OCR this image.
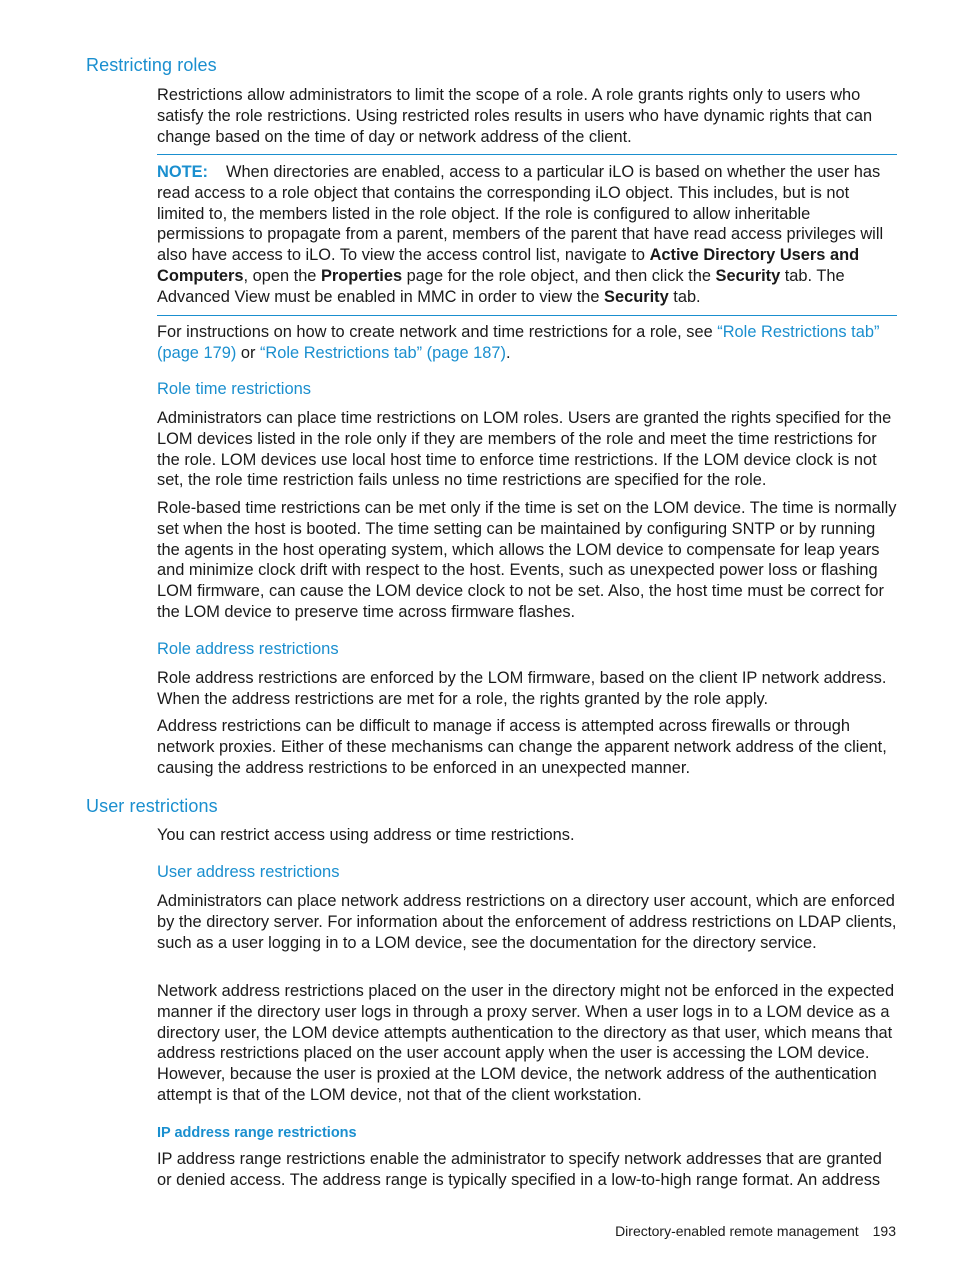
Restricting roles
Restrictions allow administrators to limit the scope of a role. A role grants rights only to users who satisfy the role restrictions. Using restricted roles results in users who have dynamic rights that can change based on the time of day or network address of the client.
NOTE: When directories are enabled, access to a particular iLO is based on whether the user has read access to a role object that contains the corresponding iLO object. This includes, but is not limited to, the members listed in the role object. If the role is configured to allow inheritable permissions to propagate from a parent, members of the parent that have read access privileges will also have access to iLO. To view the access control list, navigate to Active Directory Users and Computers, open the Properties page for the role object, and then click the Security tab. The Advanced View must be enabled in MMC in order to view the Security tab.
For instructions on how to create network and time restrictions for a role, see “Role Restrictions tab” (page 179) or “Role Restrictions tab” (page 187).
Role time restrictions
Administrators can place time restrictions on LOM roles. Users are granted the rights specified for the LOM devices listed in the role only if they are members of the role and meet the time restrictions for the role. LOM devices use local host time to enforce time restrictions. If the LOM device clock is not set, the role time restriction fails unless no time restrictions are specified for the role.
Role-based time restrictions can be met only if the time is set on the LOM device. The time is normally set when the host is booted. The time setting can be maintained by configuring SNTP or by running the agents in the host operating system, which allows the LOM device to compensate for leap years and minimize clock drift with respect to the host. Events, such as unexpected power loss or flashing LOM firmware, can cause the LOM device clock to not be set. Also, the host time must be correct for the LOM device to preserve time across firmware flashes.
Role address restrictions
Role address restrictions are enforced by the LOM firmware, based on the client IP network address. When the address restrictions are met for a role, the rights granted by the role apply.
Address restrictions can be difficult to manage if access is attempted across firewalls or through network proxies. Either of these mechanisms can change the apparent network address of the client, causing the address restrictions to be enforced in an unexpected manner.
User restrictions
You can restrict access using address or time restrictions.
User address restrictions
Administrators can place network address restrictions on a directory user account, which are enforced by the directory server. For information about the enforcement of address restrictions on LDAP clients, such as a user logging in to a LOM device, see the documentation for the directory service.
Network address restrictions placed on the user in the directory might not be enforced in the expected manner if the directory user logs in through a proxy server. When a user logs in to a LOM device as a directory user, the LOM device attempts authentication to the directory as that user, which means that address restrictions placed on the user account apply when the user is accessing the LOM device. However, because the user is proxied at the LOM device, the network address of the authentication attempt is that of the LOM device, not that of the client workstation.
IP address range restrictions
IP address range restrictions enable the administrator to specify network addresses that are granted or denied access. The address range is typically specified in a low-to-high range format. An address
Directory-enabled remote management 193
